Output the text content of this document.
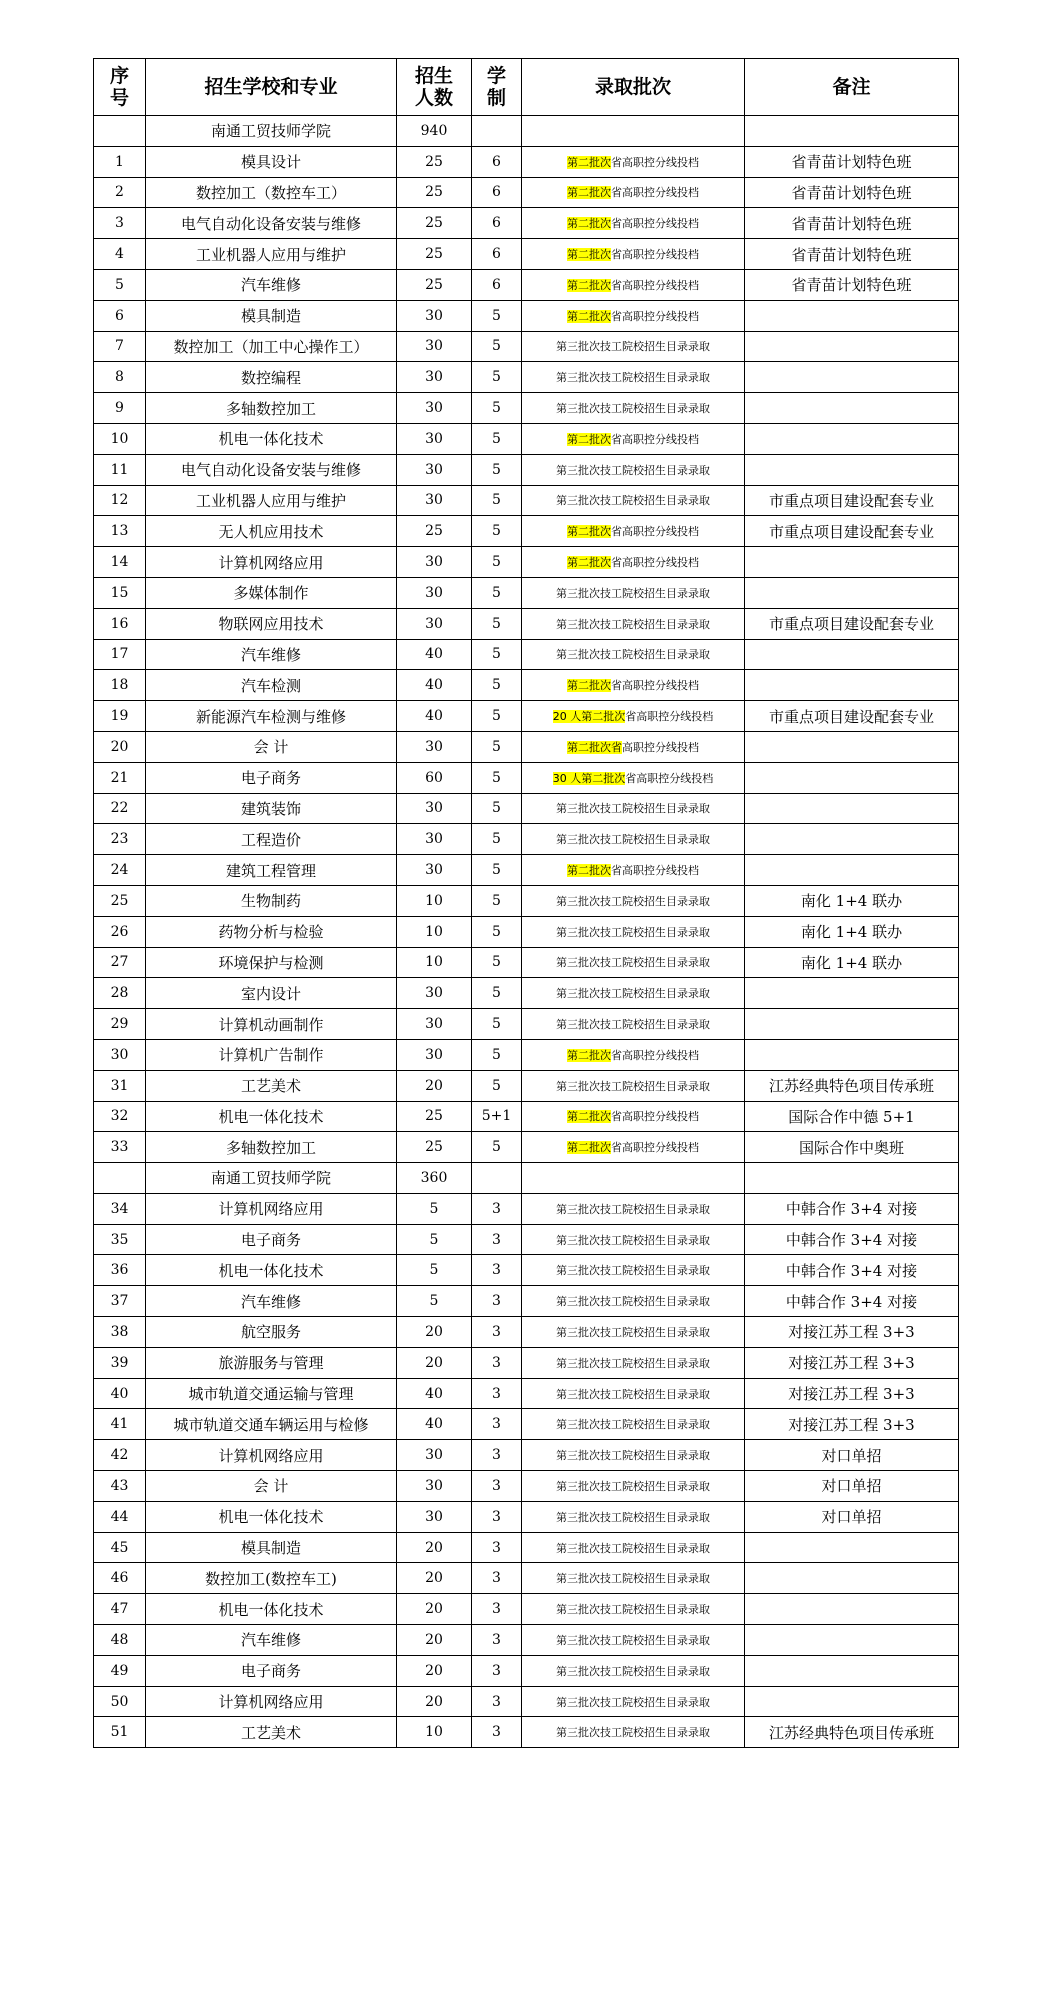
序号	招生学校和专业	招生人数	学制	录取批次	备注
	南通工贸技师学院	940			
1	模具设计	25	6	第二批次省高职控分线投档	省青苗计划特色班
2	数控加工（数控车工）	25	6	第二批次省高职控分线投档	省青苗计划特色班
3	电气自动化设备安装与维修	25	6	第二批次省高职控分线投档	省青苗计划特色班
4	工业机器人应用与维护	25	6	第二批次省高职控分线投档	省青苗计划特色班
5	汽车维修	25	6	第二批次省高职控分线投档	省青苗计划特色班
6	模具制造	30	5	第二批次省高职控分线投档	
7	数控加工（加工中心操作工）	30	5	第三批次技工院校招生目录录取	
8	数控编程	30	5	第三批次技工院校招生目录录取	
9	多轴数控加工	30	5	第三批次技工院校招生目录录取	
10	机电一体化技术	30	5	第二批次省高职控分线投档	
11	电气自动化设备安装与维修	30	5	第三批次技工院校招生目录录取	
12	工业机器人应用与维护	30	5	第三批次技工院校招生目录录取	市重点项目建设配套专业
13	无人机应用技术	25	5	第二批次省高职控分线投档	市重点项目建设配套专业
14	计算机网络应用	30	5	第二批次省高职控分线投档	
15	多媒体制作	30	5	第三批次技工院校招生目录录取	
16	物联网应用技术	30	5	第三批次技工院校招生目录录取	市重点项目建设配套专业
17	汽车维修	40	5	第三批次技工院校招生目录录取	
18	汽车检测	40	5	第二批次省高职控分线投档	
19	新能源汽车检测与维修	40	5	20 人第二批次省高职控分线投档	市重点项目建设配套专业
20	会 计	30	5	第二批次省高职控分线投档	
21	电子商务	60	5	30 人第二批次省高职控分线投档	
22	建筑装饰	30	5	第三批次技工院校招生目录录取	
23	工程造价	30	5	第三批次技工院校招生目录录取	
24	建筑工程管理	30	5	第二批次省高职控分线投档	
25	生物制药	10	5	第三批次技工院校招生目录录取	南化 1+4 联办
26	药物分析与检验	10	5	第三批次技工院校招生目录录取	南化 1+4 联办
27	环境保护与检测	10	5	第三批次技工院校招生目录录取	南化 1+4 联办
28	室内设计	30	5	第三批次技工院校招生目录录取	
29	计算机动画制作	30	5	第三批次技工院校招生目录录取	
30	计算机广告制作	30	5	第二批次省高职控分线投档	
31	工艺美术	20	5	第三批次技工院校招生目录录取	江苏经典特色项目传承班
32	机电一体化技术	25	5+1	第二批次省高职控分线投档	国际合作中德 5+1
33	多轴数控加工	25	5	第二批次省高职控分线投档	国际合作中奥班
	南通工贸技师学院	360			
34	计算机网络应用	5	3	第三批次技工院校招生目录录取	中韩合作 3+4 对接
35	电子商务	5	3	第三批次技工院校招生目录录取	中韩合作 3+4 对接
36	机电一体化技术	5	3	第三批次技工院校招生目录录取	中韩合作 3+4 对接
37	汽车维修	5	3	第三批次技工院校招生目录录取	中韩合作 3+4 对接
38	航空服务	20	3	第三批次技工院校招生目录录取	对接江苏工程 3+3
39	旅游服务与管理	20	3	第三批次技工院校招生目录录取	对接江苏工程 3+3
40	城市轨道交通运输与管理	40	3	第三批次技工院校招生目录录取	对接江苏工程 3+3
41	城市轨道交通车辆运用与检修	40	3	第三批次技工院校招生目录录取	对接江苏工程 3+3
42	计算机网络应用	30	3	第三批次技工院校招生目录录取	对口单招
43	会 计	30	3	第三批次技工院校招生目录录取	对口单招
44	机电一体化技术	30	3	第三批次技工院校招生目录录取	对口单招
45	模具制造	20	3	第三批次技工院校招生目录录取	
46	数控加工(数控车工)	20	3	第三批次技工院校招生目录录取	
47	机电一体化技术	20	3	第三批次技工院校招生目录录取	
48	汽车维修	20	3	第三批次技工院校招生目录录取	
49	电子商务	20	3	第三批次技工院校招生目录录取	
50	计算机网络应用	20	3	第三批次技工院校招生目录录取	
51	工艺美术	10	3	第三批次技工院校招生目录录取	江苏经典特色项目传承班
